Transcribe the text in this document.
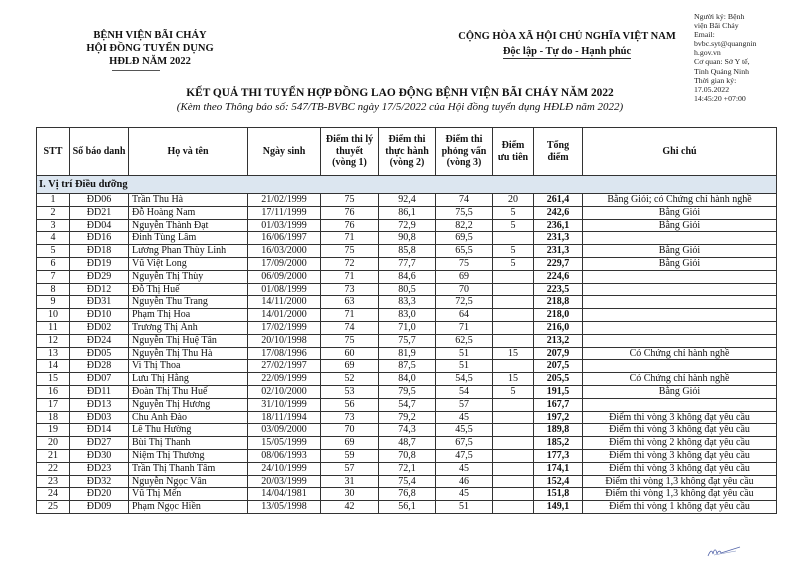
BỆNH VIỆN BÃI CHÁY
HỘI ĐỒNG TUYỂN DỤNG
HĐLĐ NĂM 2022
CỘNG HÒA XÃ HỘI CHỦ NGHĨA VIỆT NAM
Độc lập - Tự do - Hạnh phúc
Người ký: Bệnh
viện Bãi Cháy
Email:
bvbc.syt@quangnin
h.gov.vn
Cơ quan: Sở Y tế,
Tỉnh Quảng Ninh
Thời gian ký:
17.05.2022
14:45:20 +07:00
KẾT QUẢ THI TUYỂN HỢP ĐỒNG LAO ĐỘNG BỆNH VIỆN BÃI CHÁY NĂM 2022
(Kèm theo Thông báo số: 547/TB-BVBC ngày 17/5/2022 của Hội đồng tuyển dụng HĐLĐ năm 2022)
STT	Số báo danh	Họ và tên	Ngày sinh	Điểm thi lý thuyết (vòng 1)	Điểm thi thực hành (vòng 2)	Điểm thi phỏng vấn (vòng 3)	Điểm ưu tiên	Tổng điểm	Ghi chú
I. Vị trí Điều dưỡng									
1	ĐD06	Trần Thu Hà	21/02/1999	75	92,4	74	20	261,4	Bằng Giỏi; có Chứng chỉ hành nghề
2	ĐD21	Đỗ Hoàng Nam	17/11/1999	76	86,1	75,5	5	242,6	Bằng Giỏi
3	ĐD04	Nguyễn Thành Đạt	01/03/1999	76	72,9	82,2	5	236,1	Bằng Giỏi
4	ĐD16	Đinh Tùng Lâm	16/06/1997	71	90,8	69,5		231,3	
5	ĐD18	Lương Phan Thùy Linh	16/03/2000	75	85,8	65,5	5	231,3	Bằng Giỏi
6	ĐD19	Vũ Việt Long	17/09/2000	72	77,7	75	5	229,7	Bằng Giỏi
7	ĐD29	Nguyễn Thị Thùy	06/09/2000	71	84,6	69		224,6	
8	ĐD12	Đỗ Thị Huế	01/08/1999	73	80,5	70		223,5	
9	ĐD31	Nguyễn Thu Trang	14/11/2000	63	83,3	72,5		218,8	
10	ĐD10	Phạm Thị Hoa	14/01/2000	71	83,0	64		218,0	
11	ĐD02	Trương Thị Ánh	17/02/1999	74	71,0	71		216,0	
12	ĐD24	Nguyễn Thị Huệ Tân	20/10/1998	75	75,7	62,5		213,2	
13	ĐD05	Nguyễn Thị Thu Hà	17/08/1996	60	81,9	51	15	207,9	Có Chứng chỉ hành nghề
14	ĐD28	Vi Thị Thoa	27/02/1997	69	87,5	51		207,5	
15	ĐD07	Lưu Thị Hằng	22/09/1999	52	84,0	54,5	15	205,5	Có Chứng chỉ hành nghề
16	ĐD11	Đoàn Thị Thu Huế	02/10/2000	53	79,5	54	5	191,5	Bằng Giỏi
17	ĐD13	Nguyễn Thị Hương	31/10/1999	56	54,7	57		167,7	
18	ĐD03	Chu Anh Đào	18/11/1994	73	79,2	45		197,2	Điểm thi vòng 3 không đạt yêu cầu
19	ĐD14	Lê Thu Hường	03/09/2000	70	74,3	45,5		189,8	Điểm thi vòng 3 không đạt yêu cầu
20	ĐD27	Bùi Thị Thanh	15/05/1999	69	48,7	67,5		185,2	Điểm thi vòng 2 không đạt yêu cầu
21	ĐD30	Niệm Thị Thương	08/06/1993	59	70,8	47,5		177,3	Điểm thi vòng 3 không đạt yêu cầu
22	ĐD23	Trần Thị Thanh Tâm	24/10/1999	57	72,1	45		174,1	Điểm thi vòng 3 không đạt yêu cầu
23	ĐD32	Nguyễn Ngọc Vân	20/03/1999	31	75,4	46		152,4	Điểm thi vòng 1,3 không đạt yêu cầu
24	ĐD20	Vũ Thị Mến	14/04/1981	30	76,8	45		151,8	Điểm thi vòng 1,3 không đạt yêu cầu
25	ĐD09	Phạm Ngọc Hiền	13/05/1998	42	56,1	51		149,1	Điểm thi vòng 1 không đạt yêu cầu
